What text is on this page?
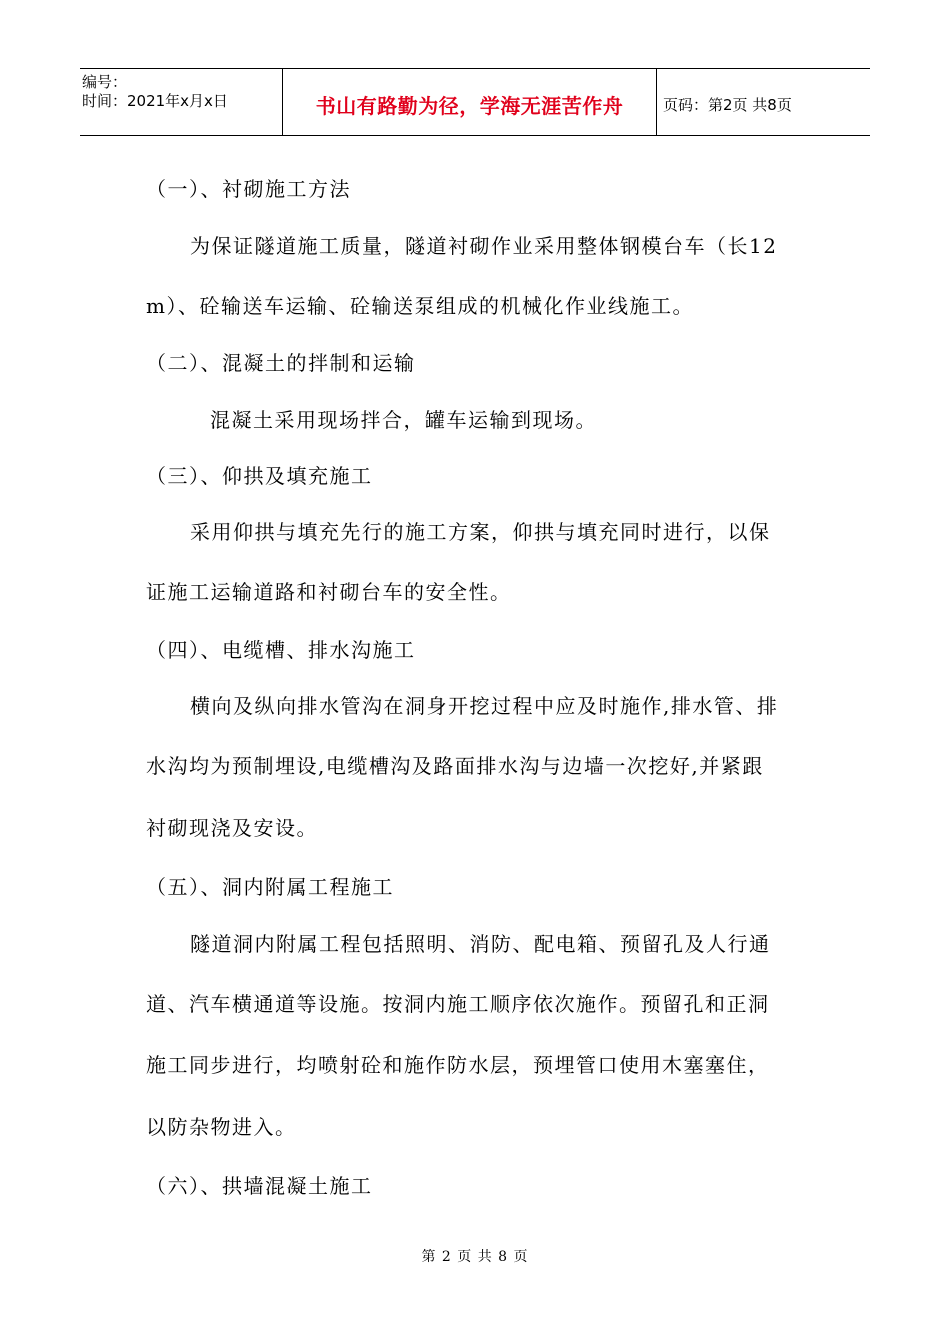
编号：
时间：2021年x月x日	书山有路勤为径，学海无涯苦作舟	页码：第2页 共8页
（一）、衬砌施工方法
为保证隧道施工质量，隧道衬砌作业采用整体钢模台车（长12
m）、砼输送车运输、砼输送泵组成的机械化作业线施工。
（二）、混凝土的拌制和运输
混凝土采用现场拌合，罐车运输到现场。
（三）、仰拱及填充施工
采用仰拱与填充先行的施工方案，仰拱与填充同时进行，以保
证施工运输道路和衬砌台车的安全性。
（四）、电缆槽、排水沟施工
横向及纵向排水管沟在洞身开挖过程中应及时施作,排水管、排
水沟均为预制埋设,电缆槽沟及路面排水沟与边墙一次挖好,并紧跟
衬砌现浇及安设。
（五）、洞内附属工程施工
隧道洞内附属工程包括照明、消防、配电箱、预留孔及人行通
道、汽车横通道等设施。按洞内施工顺序依次施作。预留孔和正洞
施工同步进行，均喷射砼和施作防水层，预埋管口使用木塞塞住，
以防杂物进入。
（六）、拱墙混凝土施工
第 2 页 共 8 页
